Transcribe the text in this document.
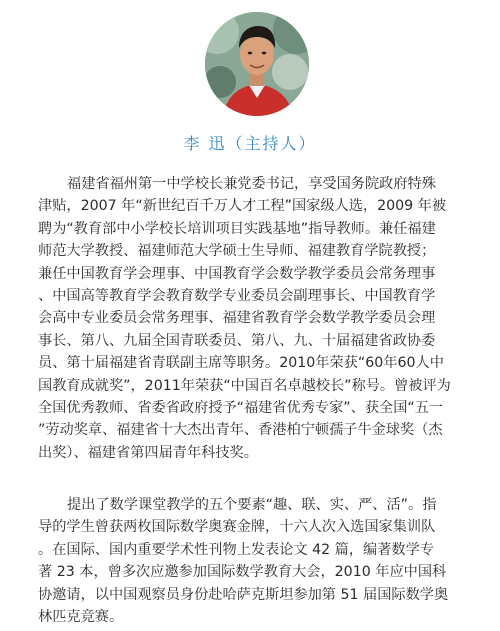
李 迅（主持人）

福建省福州第一中学校长兼党委书记，享受国务院政府特殊
津贴，2007 年“新世纪百千万人才工程”国家级人选，2009 年被
聘为“教育部中小学校长培训项目实践基地”指导教师。兼任福建
师范大学教授、福建师范大学硕士生导师、福建教育学院教授；
兼任中国教育学会理事、中国教育学会数学教学委员会常务理事
、中国高等教育学会教育数学专业委员会副理事长、中国教育学
会高中专业委员会常务理事、福建省教育学会数学教学委员会理
事长、第八、九届全国青联委员、第八、九、十届福建省政协委
员、第十届福建省青联副主席等职务。2010年荣获“60年60人中
国教育成就奖”，2011年荣获“中国百名卓越校长”称号。曾被评为
全国优秀教师、省委省政府授予“福建省优秀专家”、获全国“五一
”劳动奖章、福建省十大杰出青年、香港柏宁顿孺子牛金球奖（杰
出奖）、福建省第四届青年科技奖。

提出了数学课堂教学的五个要素“趣、联、实、严、活”。指
导的学生曾获两枚国际数学奥赛金牌，十六人次入选国家集训队
。在国际、国内重要学术性刊物上发表论文 42 篇，编著数学专
著 23 本，曾多次应邀参加国际数学教育大会，2010 年应中国科
协邀请，以中国观察员身份赴哈萨克斯坦参加第 51 届国际数学奥
林匹克竞赛。
